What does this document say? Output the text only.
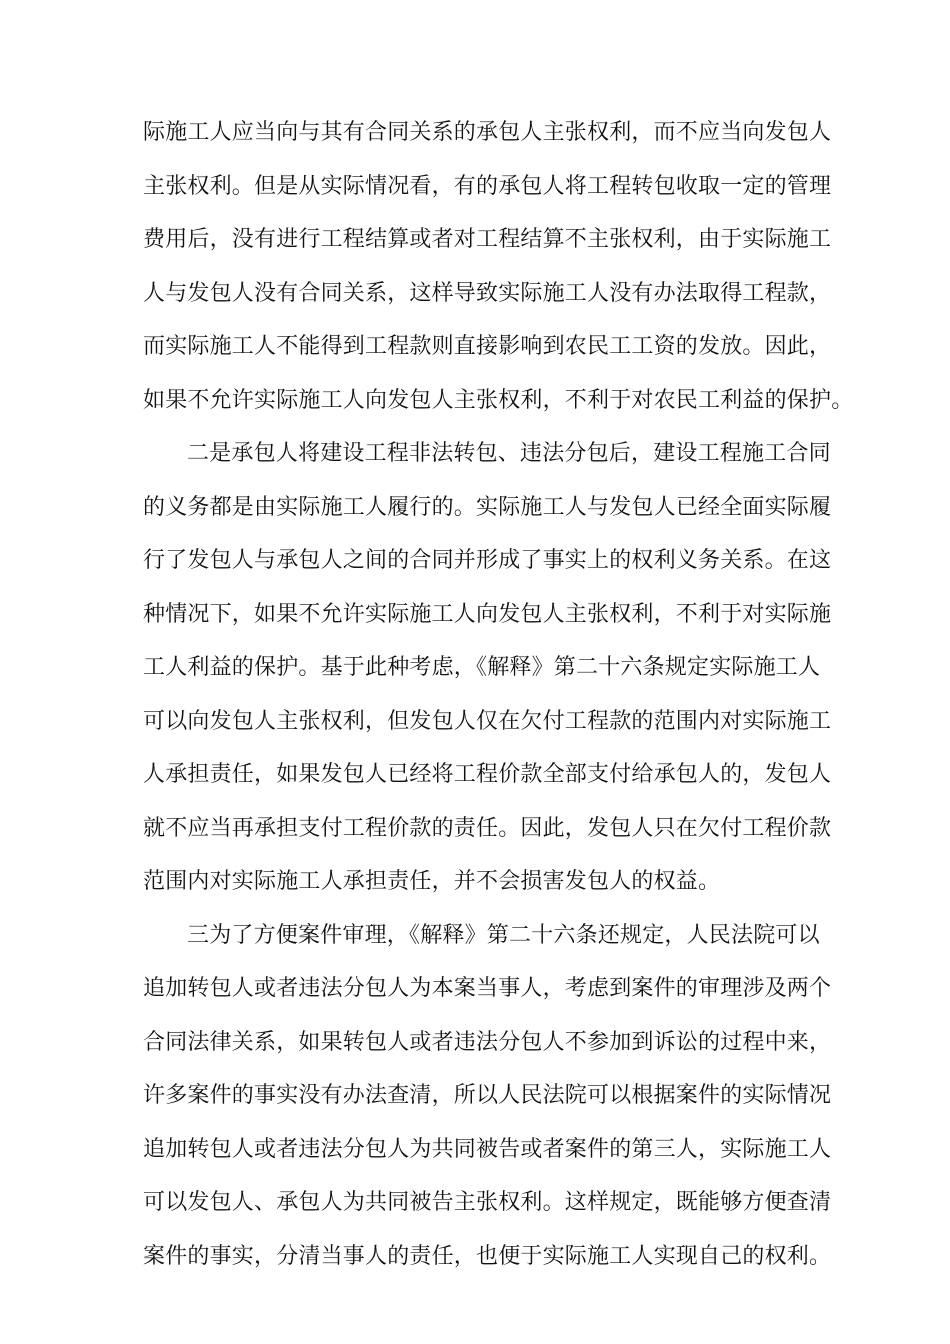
际施工人应当向与其有合同关系的承包人主张权利，而不应当向发包人
主张权利。但是从实际情况看，有的承包人将工程转包收取一定的管理
费用后，没有进行工程结算或者对工程结算不主张权利，由于实际施工
人与发包人没有合同关系，这样导致实际施工人没有办法取得工程款，
而实际施工人不能得到工程款则直接影响到农民工工资的发放。因此，
如果不允许实际施工人向发包人主张权利，不利于对农民工利益的保护。
二是承包人将建设工程非法转包、违法分包后，建设工程施工合同
的义务都是由实际施工人履行的。实际施工人与发包人已经全面实际履
行了发包人与承包人之间的合同并形成了事实上的权利义务关系。在这
种情况下，如果不允许实际施工人向发包人主张权利，不利于对实际施
工人利益的保护。基于此种考虑，《解释》第二十六条规定实际施工人
可以向发包人主张权利，但发包人仅在欠付工程款的范围内对实际施工
人承担责任，如果发包人已经将工程价款全部支付给承包人的，发包人
就不应当再承担支付工程价款的责任。因此，发包人只在欠付工程价款
范围内对实际施工人承担责任，并不会损害发包人的权益。
三为了方便案件审理，《解释》第二十六条还规定，人民法院可以
追加转包人或者违法分包人为本案当事人，考虑到案件的审理涉及两个
合同法律关系，如果转包人或者违法分包人不参加到诉讼的过程中来，
许多案件的事实没有办法查清，所以人民法院可以根据案件的实际情况
追加转包人或者违法分包人为共同被告或者案件的第三人，实际施工人
可以发包人、承包人为共同被告主张权利。这样规定，既能够方便查清
案件的事实，分清当事人的责任，也便于实际施工人实现自己的权利。
